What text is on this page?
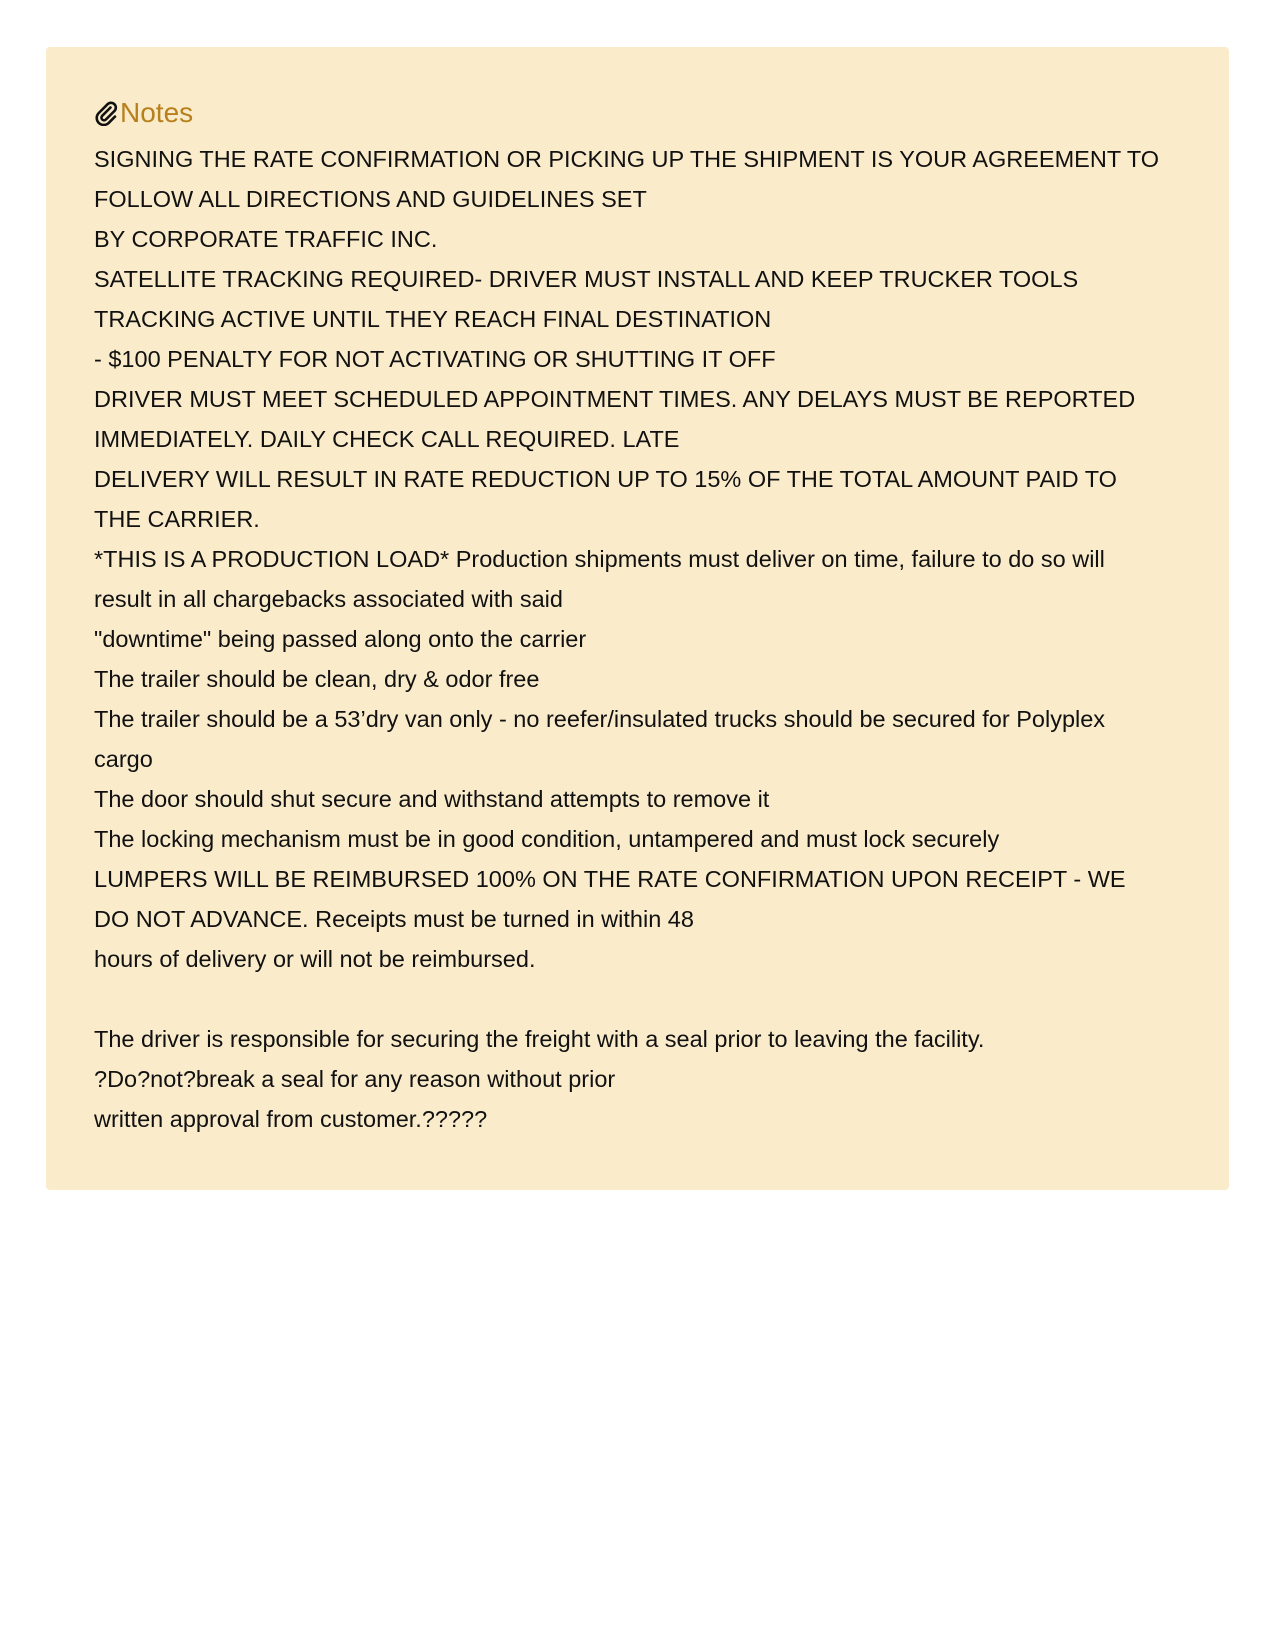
Notes
SIGNING THE RATE CONFIRMATION OR PICKING UP THE SHIPMENT IS YOUR AGREEMENT TO
FOLLOW ALL DIRECTIONS AND GUIDELINES SET
BY CORPORATE TRAFFIC INC.
SATELLITE TRACKING REQUIRED- DRIVER MUST INSTALL AND KEEP TRUCKER TOOLS
TRACKING ACTIVE UNTIL THEY REACH FINAL DESTINATION
- $100 PENALTY FOR NOT ACTIVATING OR SHUTTING IT OFF
DRIVER MUST MEET SCHEDULED APPOINTMENT TIMES. ANY DELAYS MUST BE REPORTED
IMMEDIATELY. DAILY CHECK CALL REQUIRED. LATE
DELIVERY WILL RESULT IN RATE REDUCTION UP TO 15% OF THE TOTAL AMOUNT PAID TO
THE CARRIER.
*THIS IS A PRODUCTION LOAD* Production shipments must deliver on time, failure to do so will
result in all chargebacks associated with said
"downtime" being passed along onto the carrier
The trailer should be clean, dry & odor free
The trailer should be a 53’dry van only - no reefer/insulated trucks should be secured for Polyplex
cargo
The door should shut secure and withstand attempts to remove it
The locking mechanism must be in good condition, untampered and must lock securely
LUMPERS WILL BE REIMBURSED 100% ON THE RATE CONFIRMATION UPON RECEIPT - WE
DO NOT ADVANCE. Receipts must be turned in within 48
hours of delivery or will not be reimbursed.
The driver is responsible for securing the freight with a seal prior to leaving the facility.
?Do?not?break a seal for any reason without prior
written approval from customer.?????
